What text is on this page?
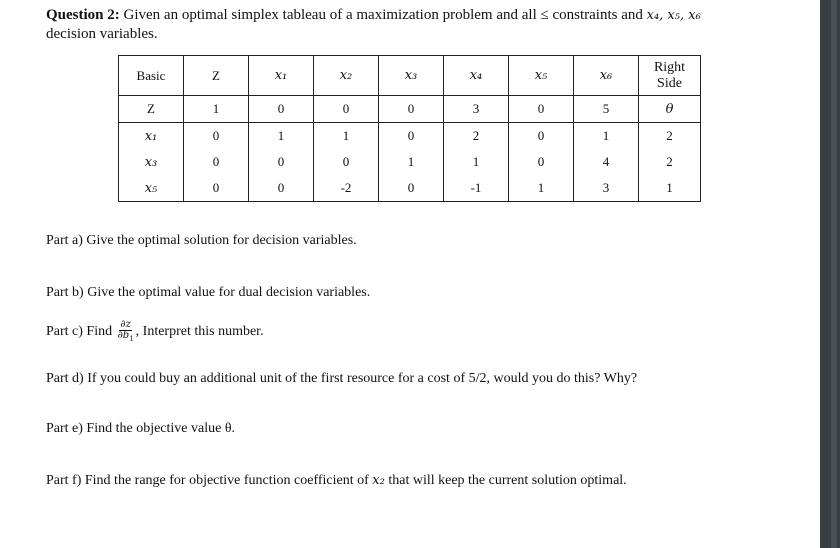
Question 2: Given an optimal simplex tableau of a maximization problem and all ≤ constraints and x₄, x₅, x₆
decision variables.
Basic	Z	x₁	x₂	x₃	x₄	x₅	x₆	Right
Side
Z	1	0	0	0	3	0	5	θ
x₁	0	1	1	0	2	0	1	2
x₃	0	0	0	1	1	0	4	2
x₅	0	0	-2	0	-1	1	3	1
Part a) Give the optimal solution for decision variables.
Part b) Give the optimal value for dual decision variables.
Part c) Find $\frac{\partial z}{\partial b_1}$ , Interpret this number.
Part d) If you could buy an additional unit of the first resource for a cost of 5/2, would you do this? Why?
Part e) Find the objective value θ.
Part f) Find the range for objective function coefficient of x₂ that will keep the current solution optimal.
